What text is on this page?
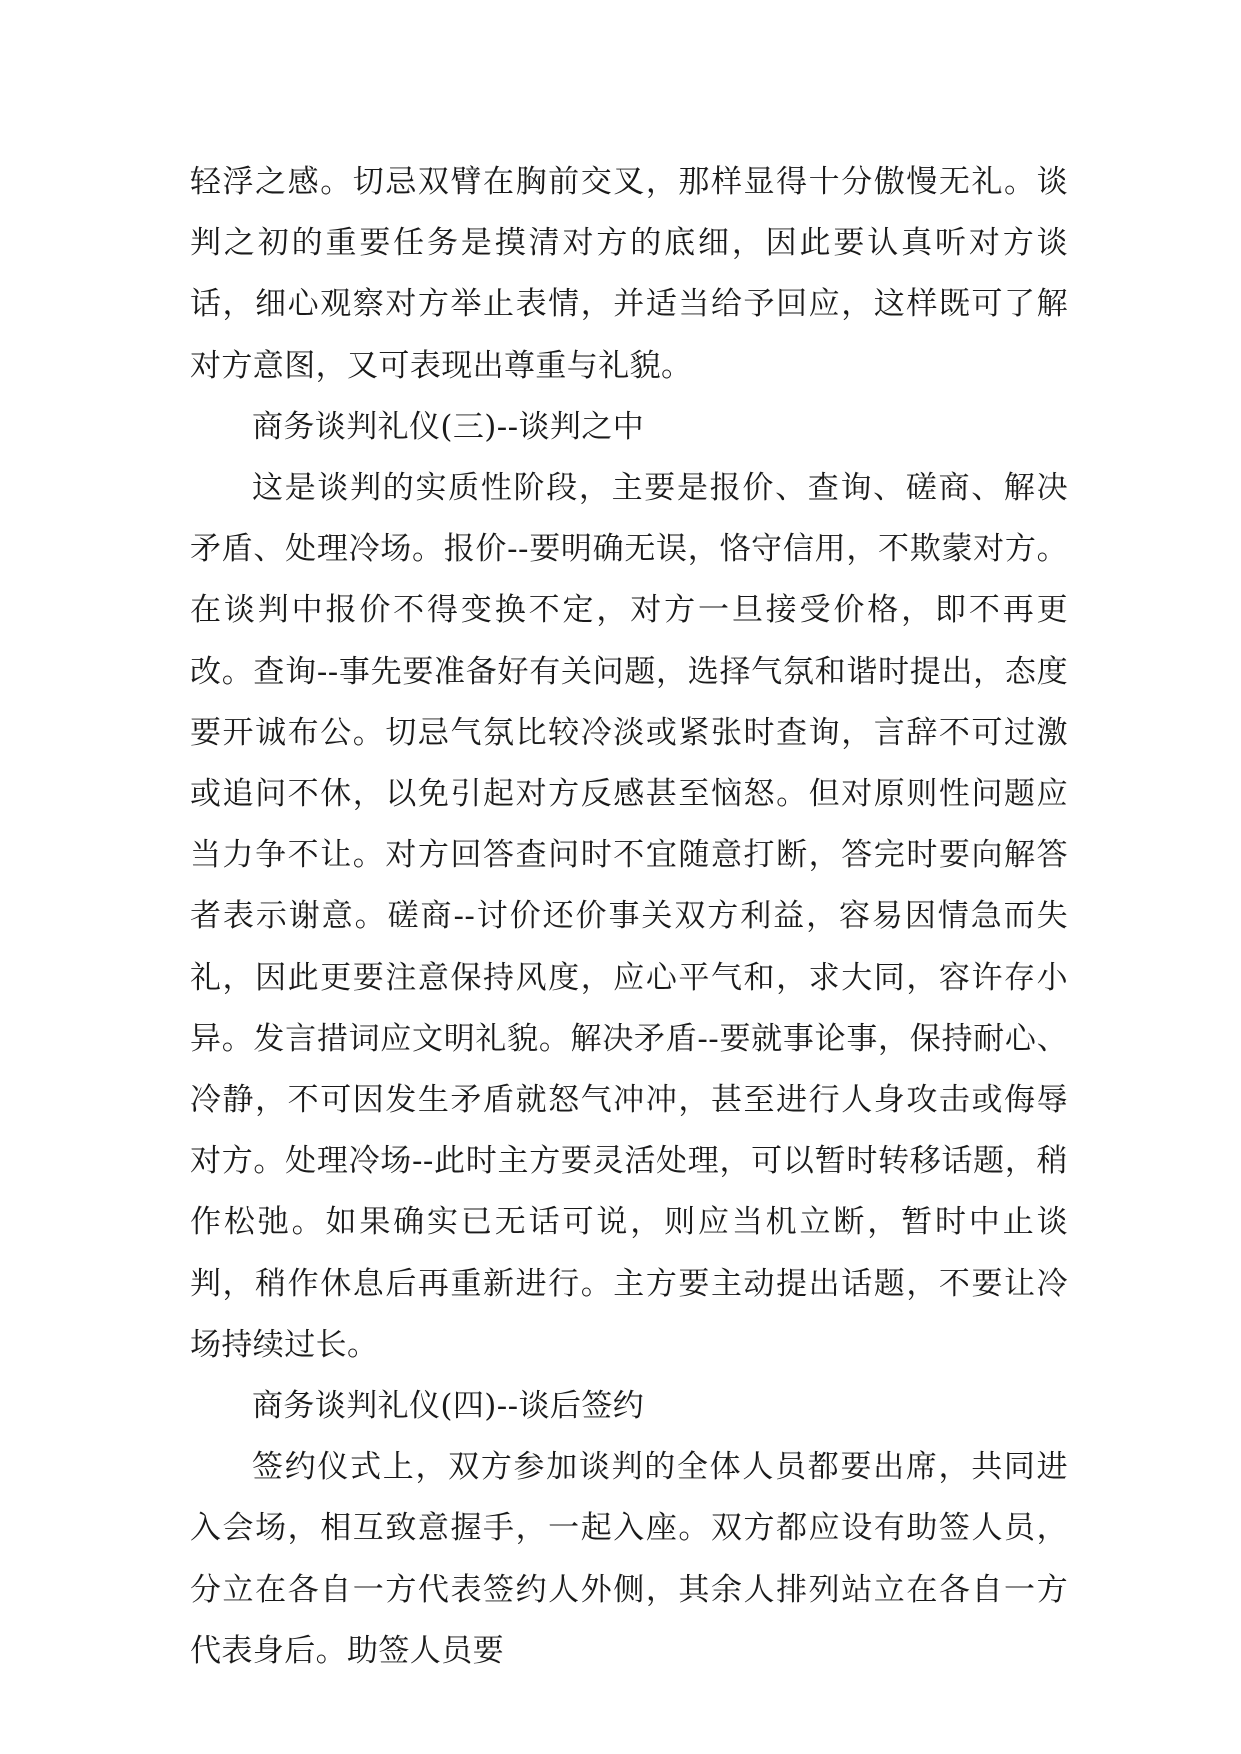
轻浮之感。切忌双臂在胸前交叉，那样显得十分傲慢无礼。谈判之初的重要任务是摸清对方的底细，因此要认真听对方谈话，细心观察对方举止表情，并适当给予回应，这样既可了解对方意图，又可表现出尊重与礼貌。

商务谈判礼仪(三)--谈判之中

这是谈判的实质性阶段，主要是报价、查询、磋商、解决矛盾、处理冷场。报价--要明确无误，恪守信用，不欺蒙对方。在谈判中报价不得变换不定，对方一旦接受价格，即不再更改。查询--事先要准备好有关问题，选择气氛和谐时提出，态度要开诚布公。切忌气氛比较冷淡或紧张时查询，言辞不可过激或追问不休，以免引起对方反感甚至恼怒。但对原则性问题应当力争不让。对方回答查问时不宜随意打断，答完时要向解答者表示谢意。磋商--讨价还价事关双方利益，容易因情急而失礼，因此更要注意保持风度，应心平气和，求大同，容许存小异。发言措词应文明礼貌。解决矛盾--要就事论事，保持耐心、冷静，不可因发生矛盾就怒气冲冲，甚至进行人身攻击或侮辱对方。处理冷场--此时主方要灵活处理，可以暂时转移话题，稍作松弛。如果确实已无话可说，则应当机立断，暂时中止谈判，稍作休息后再重新进行。主方要主动提出话题，不要让冷场持续过长。

商务谈判礼仪(四)--谈后签约

签约仪式上，双方参加谈判的全体人员都要出席，共同进入会场，相互致意握手，一起入座。双方都应设有助签人员，分立在各自一方代表签约人外侧，其余人排列站立在各自一方代表身后。助签人员要
